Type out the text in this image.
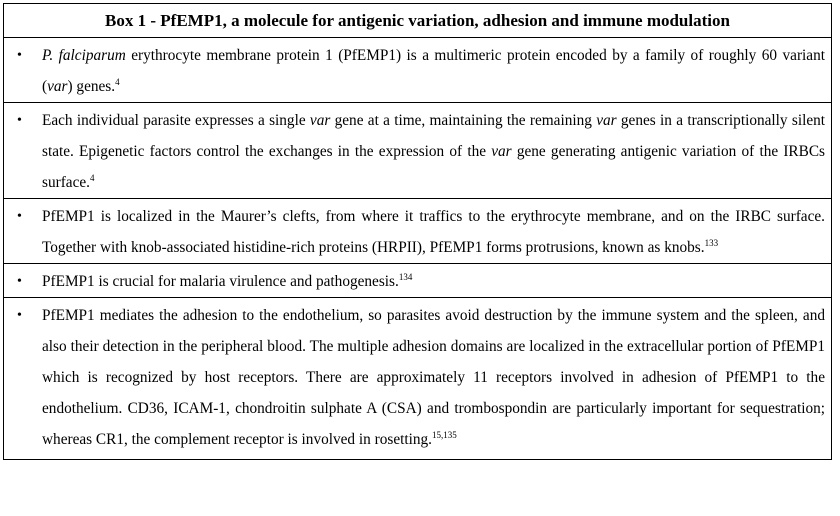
Box 1 - PfEMP1, a molecule for antigenic variation, adhesion and immune modulation
• P. falciparum erythrocyte membrane protein 1 (PfEMP1) is a multimeric protein encoded by a family of roughly 60 variant (var) genes.$^4$
• Each individual parasite expresses a single var gene at a time, maintaining the remaining var genes in a transcriptionally silent state. Epigenetic factors control the exchanges in the expression of the var gene generating antigenic variation of the IRBCs surface.$^4$
• PfEMP1 is localized in the Maurer’s clefts, from where it traffics to the erythrocyte membrane, and on the IRBC surface. Together with knob-associated histidine-rich proteins (HRPII), PfEMP1 forms protrusions, known as knobs.$^{133}$
• PfEMP1 is crucial for malaria virulence and pathogenesis.$^{134}$
• PfEMP1 mediates the adhesion to the endothelium, so parasites avoid destruction by the immune system and the spleen, and also their detection in the peripheral blood. The multiple adhesion domains are localized in the extracellular portion of PfEMP1 which is recognized by host receptors. There are approximately 11 receptors involved in adhesion of PfEMP1 to the endothelium. CD36, ICAM-1, chondroitin sulphate A (CSA) and trombospondin are particularly important for sequestration; whereas CR1, the complement receptor is involved in rosetting.$^{15,135}$
